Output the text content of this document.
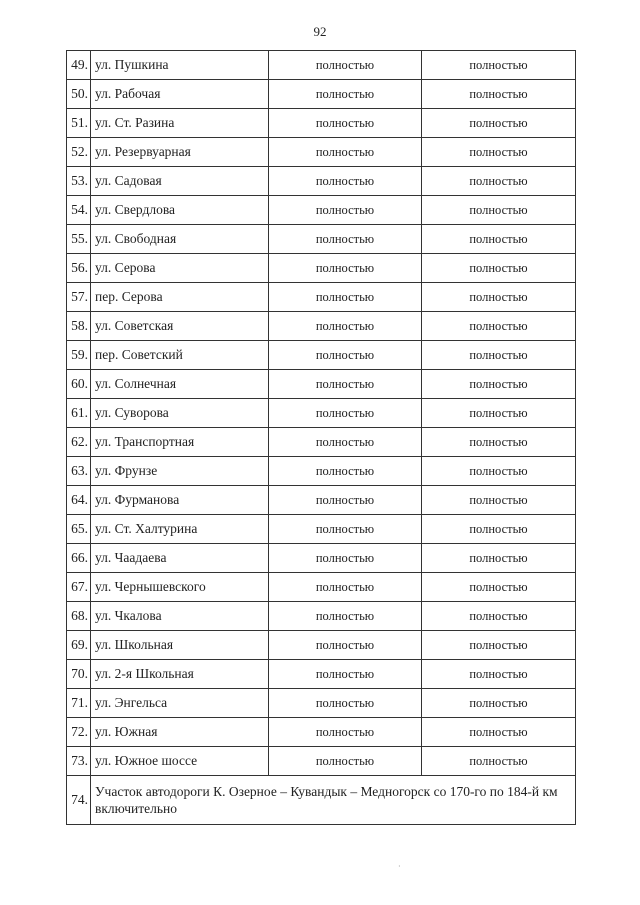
92
49.	ул. Пушкина	полностью	полностью
50.	ул. Рабочая	полностью	полностью
51.	ул. Ст. Разина	полностью	полностью
52.	ул. Резервуарная	полностью	полностью
53.	ул. Садовая	полностью	полностью
54.	ул. Свердлова	полностью	полностью
55.	ул. Свободная	полностью	полностью
56.	ул. Серова	полностью	полностью
57.	пер. Серова	полностью	полностью
58.	ул. Советская	полностью	полностью
59.	пер. Советский	полностью	полностью
60.	ул. Солнечная	полностью	полностью
61.	ул. Суворова	полностью	полностью
62.	ул. Транспортная	полностью	полностью
63.	ул. Фрунзе	полностью	полностью
64.	ул. Фурманова	полностью	полностью
65.	ул. Ст. Халтурина	полностью	полностью
66.	ул. Чаадаева	полностью	полностью
67.	ул. Чернышевского	полностью	полностью
68.	ул. Чкалова	полностью	полностью
69.	ул. Школьная	полностью	полностью
70.	ул. 2-я Школьная	полностью	полностью
71.	ул. Энгельса	полностью	полностью
72.	ул. Южная	полностью	полностью
73.	ул. Южное шоссе	полностью	полностью
74.	Участок автодороги К. Озерное – Кувандык – Медногорск со 170-го по 184-й км включительно		
·
